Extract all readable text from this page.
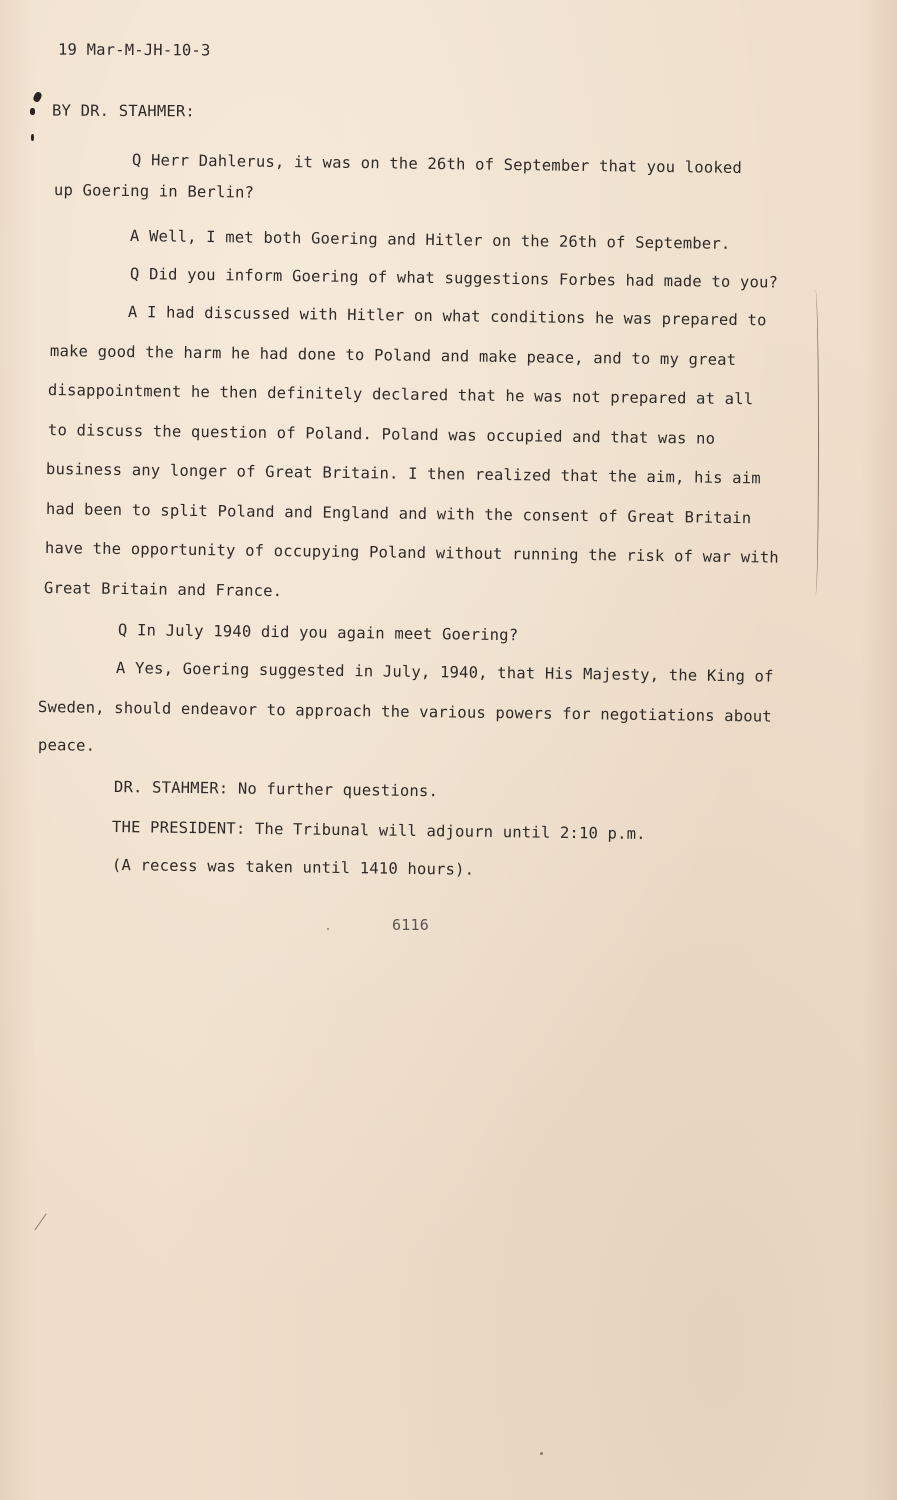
19 Mar-M-JH-10-3
BY DR. STAHMER:
Q Herr Dahlerus, it was on the 26th of September that you looked
up Goering in Berlin?
A Well, I met both Goering and Hitler on the 26th of September.
Q Did you inform Goering of what suggestions Forbes had made to you?
A I had discussed with Hitler on what conditions he was prepared to
make good the harm he had done to Poland and make peace, and to my great
disappointment he then definitely declared that he was not prepared at all
to discuss the question of Poland. Poland was occupied and that was no
business any longer of Great Britain. I then realized that the aim, his aim
had been to split Poland and England and with the consent of Great Britain
have the opportunity of occupying Poland without running the risk of war with
Great Britain and France.
Q In July 1940 did you again meet Goering?
A Yes, Goering suggested in July, 1940, that His Majesty, the King of
Sweden, should endeavor to approach the various powers for negotiations about
peace.
DR. STAHMER: No further questions.
THE PRESIDENT: The Tribunal will adjourn until 2:10 p.m.
(A recess was taken until 1410 hours).
6116
